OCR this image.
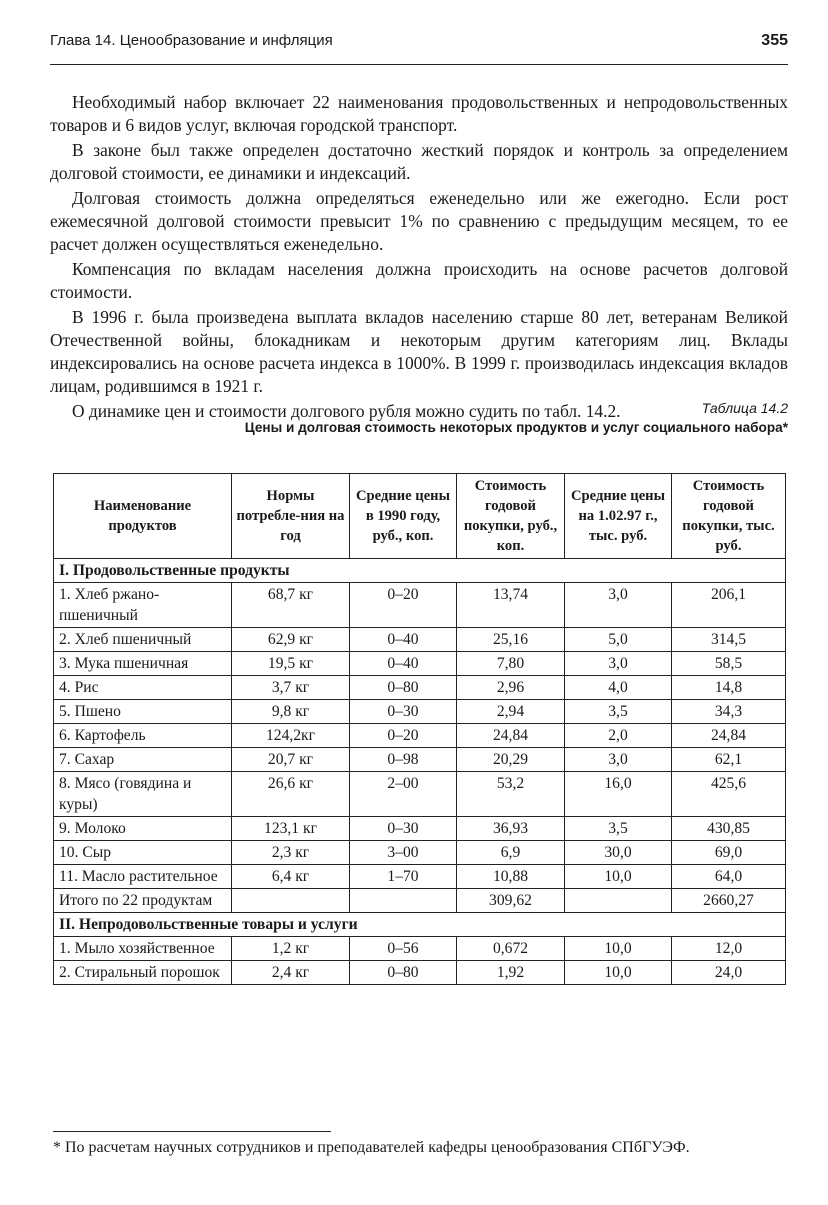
Глава 14. Ценообразование и инфляция	355

Необходимый набор включает 22 наименования продовольственных и непродовольственных товаров и 6 видов услуг, включая городской транспорт.

В законе был также определен достаточно жесткий порядок и контроль за определением долговой стоимости, ее динамики и индексаций.

Долговая стоимость должна определяться еженедельно или же ежегодно. Если рост ежемесячной долговой стоимости превысит 1% по сравнению с предыдущим месяцем, то ее расчет должен осуществляться еженедельно.

Компенсация по вкладам населения должна происходить на основе расчетов долговой стоимости.

В 1996 г. была произведена выплата вкладов населению старше 80 лет, ветеранам Великой Отечественной войны, блокадникам и некоторым другим категориям лиц. Вклады индексировались на основе расчета индекса в 1000%. В 1999 г. производилась индексация вкладов лицам, родившимся в 1921 г.

О динамике цен и стоимости долгового рубля можно судить по табл. 14.2.	Таблица 14.2
Цены и долговая стоимость некоторых продуктов и услуг социального набора*
Наименование продуктов	Нормы потребле-ния на год	Средние цены в 1990 году, руб., коп.	Стоимость годовой покупки, руб., коп.	Средние цены на 1.02.97 г., тыс. руб.	Стоимость годовой покупки, тыс. руб.
I. Продовольственные продукты					
1. Хлеб ржано-пшеничный	68,7 кг	0–20	13,74	3,0	206,1
2. Хлеб пшеничный	62,9 кг	0–40	25,16	5,0	314,5
3. Мука пшеничная	19,5 кг	0–40	7,80	3,0	58,5
4. Рис	3,7 кг	0–80	2,96	4,0	14,8
5. Пшено	9,8 кг	0–30	2,94	3,5	34,3
6. Картофель	124,2кг	0–20	24,84	2,0	24,84
7. Сахар	20,7 кг	0–98	20,29	3,0	62,1
8. Мясо (говядина и куры)	26,6 кг	2–00	53,2	16,0	425,6
9. Молоко	123,1 кг	0–30	36,93	3,5	430,85
10. Сыр	2,3 кг	3–00	6,9	30,0	69,0
11. Масло растительное	6,4 кг	1–70	10,88	10,0	64,0
Итого по 22 продуктам			309,62		2660,27
II. Непродовольственные товары и услуги					
1. Мыло хозяйственное	1,2 кг	0–56	0,672	10,0	12,0
2. Стиральный порошок	2,4 кг	0–80	1,92	10,0	24,0
* По расчетам научных сотрудников и преподавателей кафедры ценообразования СПбГУЭФ.
